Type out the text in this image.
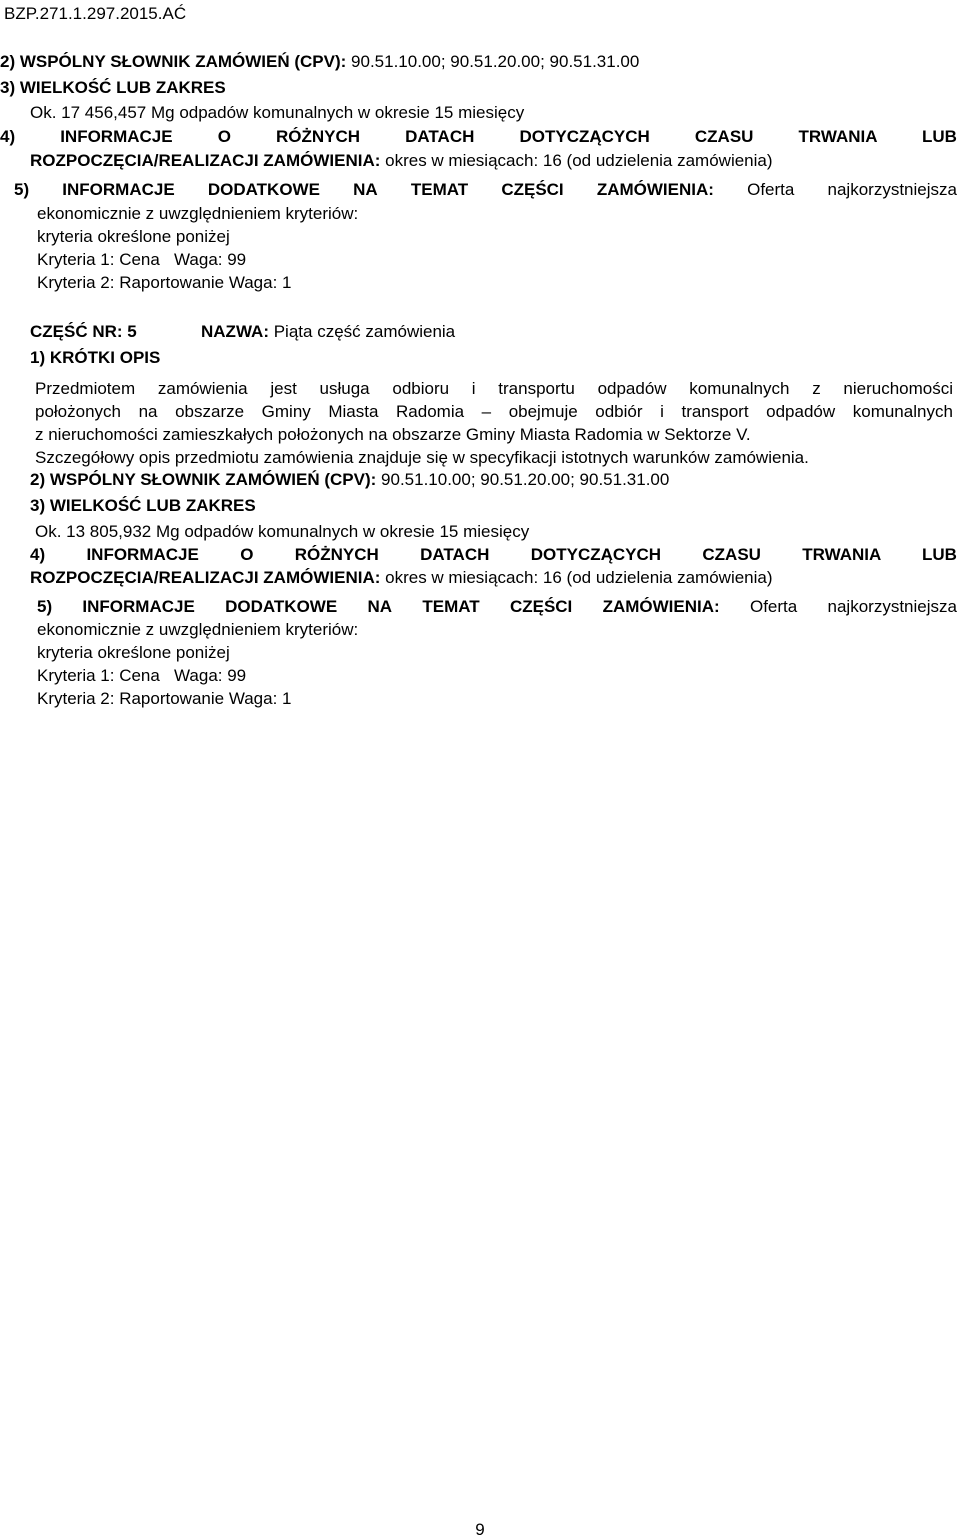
BZP.271.1.297.2015.AĆ
2) WSPÓLNY SŁOWNIK ZAMÓWIEŃ (CPV): 90.51.10.00; 90.51.20.00; 90.51.31.00
3) WIELKOŚĆ LUB ZAKRES
Ok. 17 456,457 Mg odpadów komunalnych w okresie 15 miesięcy
4)	INFORMACJE	O	RÓŻNYCH	DATACH	DOTYCZĄCYCH	CZASU	TRWANIA	LUB
ROZPOCZĘCIA/REALIZACJI ZAMÓWIENIA: okres w miesiącach: 16 (od udzielenia zamówienia)
5) INFORMACJE DODATKOWE NA TEMAT CZĘŚCI ZAMÓWIENIA: Oferta najkorzystniejsza
ekonomicznie z uwzględnieniem kryteriów:
kryteria określone poniżej
Kryteria 1: Cena   Waga: 99
Kryteria 2: Raportowanie Waga: 1
CZĘŚĆ NR: 5	NAZWA: Piąta część zamówienia
1) KRÓTKI OPIS
Przedmiotem zamówienia jest usługa odbioru i transportu odpadów komunalnych z nieruchomości
położonych na obszarze Gminy Miasta Radomia – obejmuje odbiór i transport odpadów komunalnych
z nieruchomości zamieszkałych położonych na obszarze Gminy Miasta Radomia w Sektorze V.
Szczegółowy opis przedmiotu zamówienia znajduje się w specyfikacji istotnych warunków zamówienia.
2) WSPÓLNY SŁOWNIK ZAMÓWIEŃ (CPV): 90.51.10.00; 90.51.20.00; 90.51.31.00
3) WIELKOŚĆ LUB ZAKRES
Ok. 13 805,932 Mg odpadów komunalnych w okresie 15 miesięcy
4) INFORMACJE O RÓŻNYCH DATACH DOTYCZĄCYCH CZASU TRWANIA LUB
ROZPOCZĘCIA/REALIZACJI ZAMÓWIENIA: okres w miesiącach: 16 (od udzielenia zamówienia)
5) INFORMACJE DODATKOWE NA TEMAT CZĘŚCI ZAMÓWIENIA: Oferta najkorzystniejsza
ekonomicznie z uwzględnieniem kryteriów:
kryteria określone poniżej
Kryteria 1: Cena   Waga: 99
Kryteria 2: Raportowanie Waga: 1
9
